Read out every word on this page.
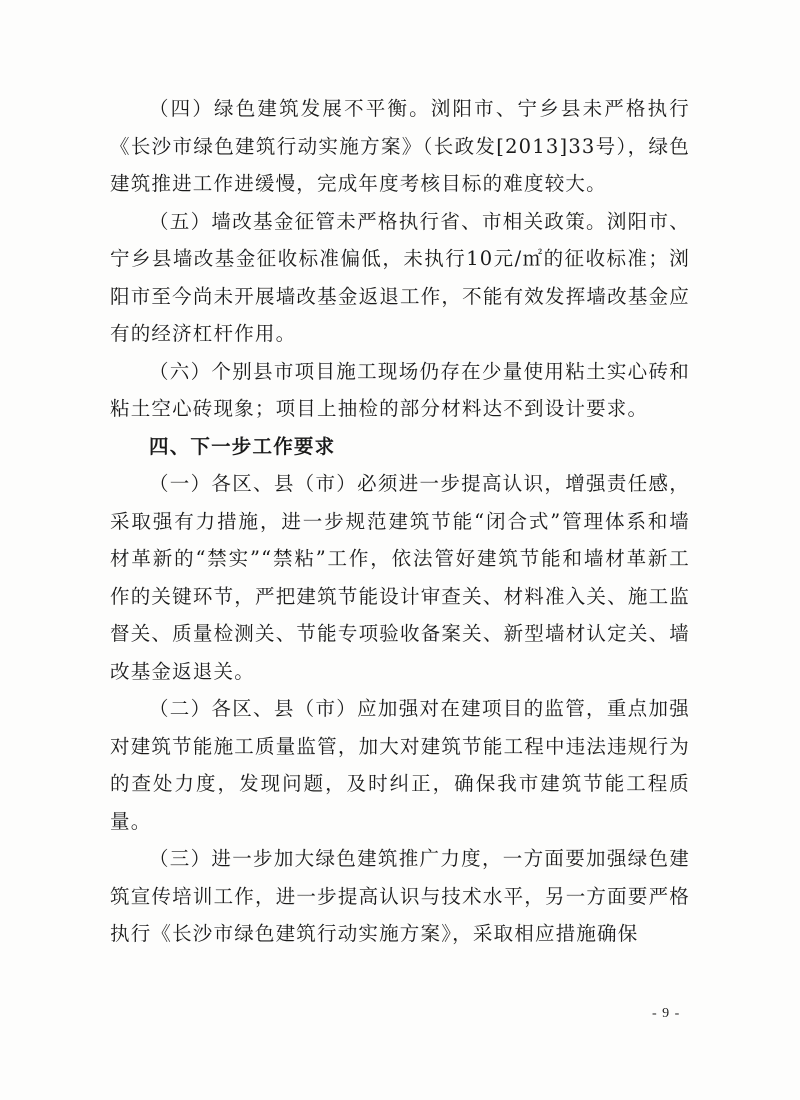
（四）绿色建筑发展不平衡。浏阳市、宁乡县未严格执行《长沙市绿色建筑行动实施方案》（长政发[2013]33号），绿色建筑推进工作进缓慢，完成年度考核目标的难度较大。

（五）墙改基金征管未严格执行省、市相关政策。浏阳市、宁乡县墙改基金征收标准偏低，未执行10元/㎡的征收标准；浏阳市至今尚未开展墙改基金返退工作，不能有效发挥墙改基金应有的经济杠杆作用。

（六）个别县市项目施工现场仍存在少量使用粘土实心砖和粘土空心砖现象；项目上抽检的部分材料达不到设计要求。

四、下一步工作要求

（一）各区、县（市）必须进一步提高认识，增强责任感，采取强有力措施，进一步规范建筑节能“闭合式”管理体系和墙材革新的“禁实”“禁粘”工作，依法管好建筑节能和墙材革新工作的关键环节，严把建筑节能设计审查关、材料准入关、施工监督关、质量检测关、节能专项验收备案关、新型墙材认定关、墙改基金返退关。

（二）各区、县（市）应加强对在建项目的监管，重点加强对建筑节能施工质量监管，加大对建筑节能工程中违法违规行为的查处力度，发现问题，及时纠正，确保我市建筑节能工程质量。

（三）进一步加大绿色建筑推广力度，一方面要加强绿色建筑宣传培训工作，进一步提高认识与技术水平，另一方面要严格执行《长沙市绿色建筑行动实施方案》，采取相应措施确保

- 9 -
